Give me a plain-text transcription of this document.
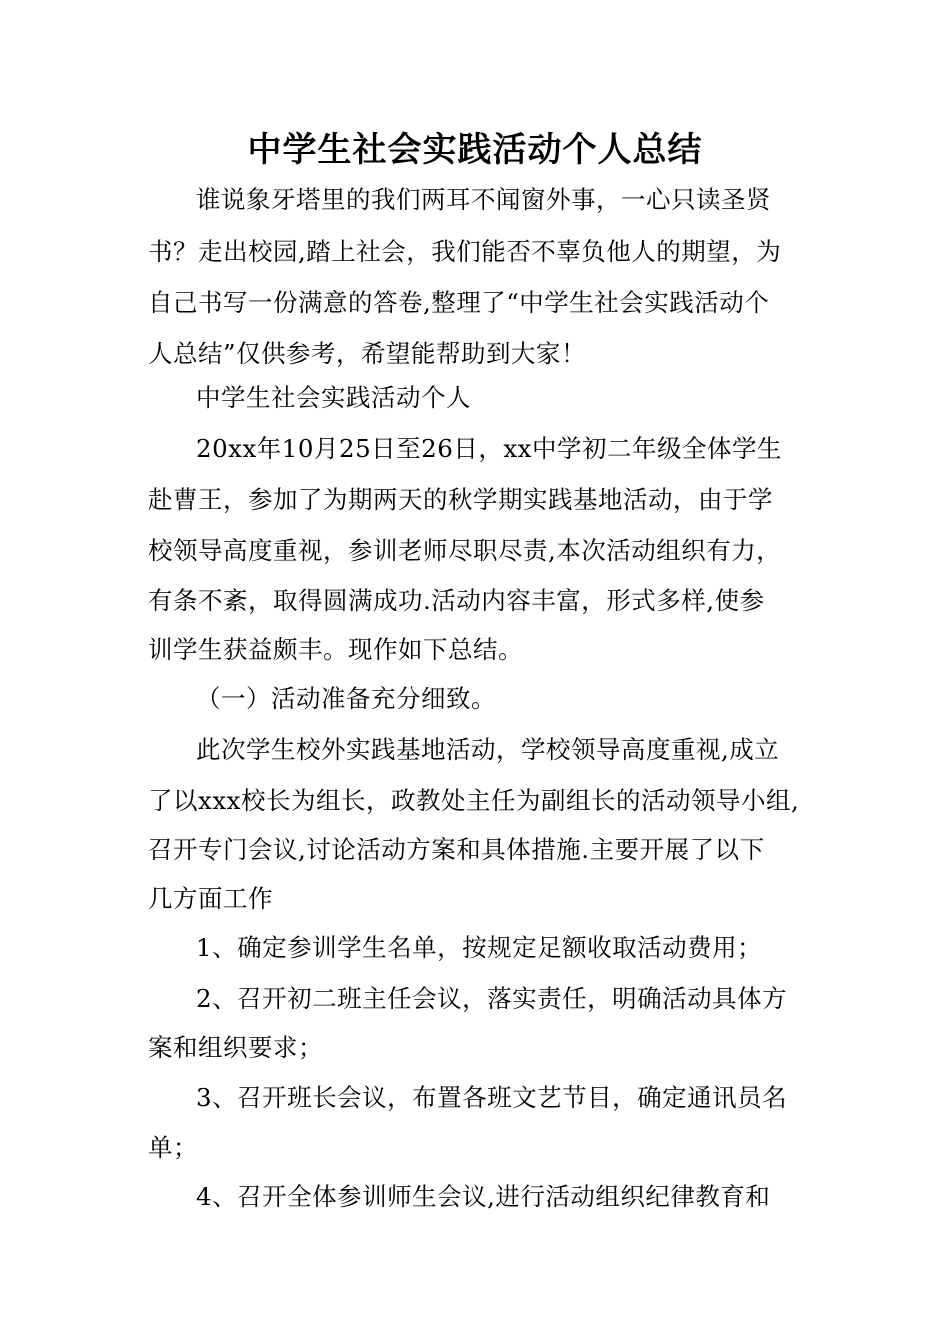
中学生社会实践活动个人总结
谁说象牙塔里的我们两耳不闻窗外事，一心只读圣贤
书？走出校园,踏上社会，我们能否不辜负他人的期望，为
自己书写一份满意的答卷,整理了“中学生社会实践活动个
人总结”仅供参考，希望能帮助到大家！
中学生社会实践活动个人
20xx年10月25日至26日，xx中学初二年级全体学生
赴曹王，参加了为期两天的秋学期实践基地活动，由于学
校领导高度重视，参训老师尽职尽责,本次活动组织有力，
有条不紊，取得圆满成功.活动内容丰富，形式多样,使参
训学生获益颇丰。现作如下总结。
（一）活动准备充分细致。
此次学生校外实践基地活动，学校领导高度重视,成立
了以xxx校长为组长，政教处主任为副组长的活动领导小组,
召开专门会议,讨论活动方案和具体措施.主要开展了以下
几方面工作
1、确定参训学生名单，按规定足额收取活动费用；
2、召开初二班主任会议，落实责任，明确活动具体方
案和组织要求；
3、召开班长会议，布置各班文艺节目，确定通讯员名
单；
4、召开全体参训师生会议,进行活动组织纪律教育和
